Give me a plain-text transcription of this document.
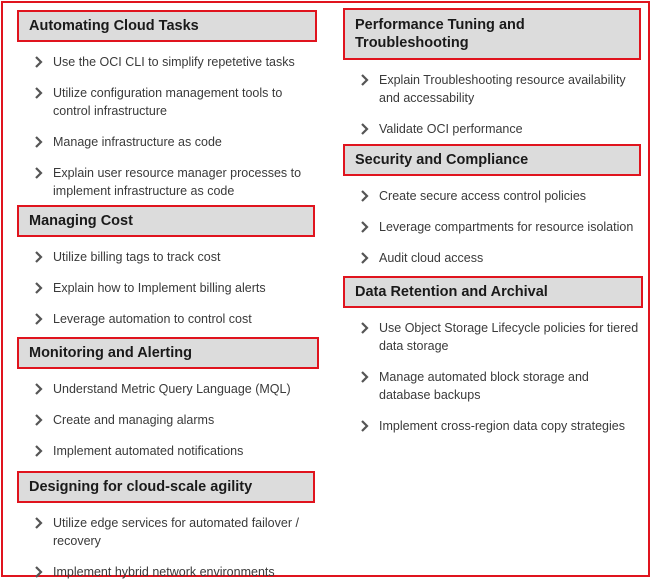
Automating Cloud Tasks
Use the OCI CLI to simplify repetetive tasks
Utilize configuration management tools to control infrastructure
Manage infrastructure as code
Explain user resource manager processes to implement infrastructure as code
Managing Cost
Utilize billing tags to track cost
Explain how to Implement billing alerts
Leverage automation to control cost
Monitoring and Alerting
Understand Metric Query Language (MQL)
Create and managing alarms
Implement automated notifications
Designing for cloud-scale agility
Utilize edge services for automated failover / recovery
Implement hybrid network environments
Performance Tuning and Troubleshooting
Explain Troubleshooting resource availability and accessability
Validate OCI performance
Security and Compliance
Create secure access control policies
Leverage compartments for resource isolation
Audit cloud access
Data Retention and Archival
Use Object Storage Lifecycle policies for tiered data storage
Manage automated block storage and database backups
Implement cross-region data copy strategies
